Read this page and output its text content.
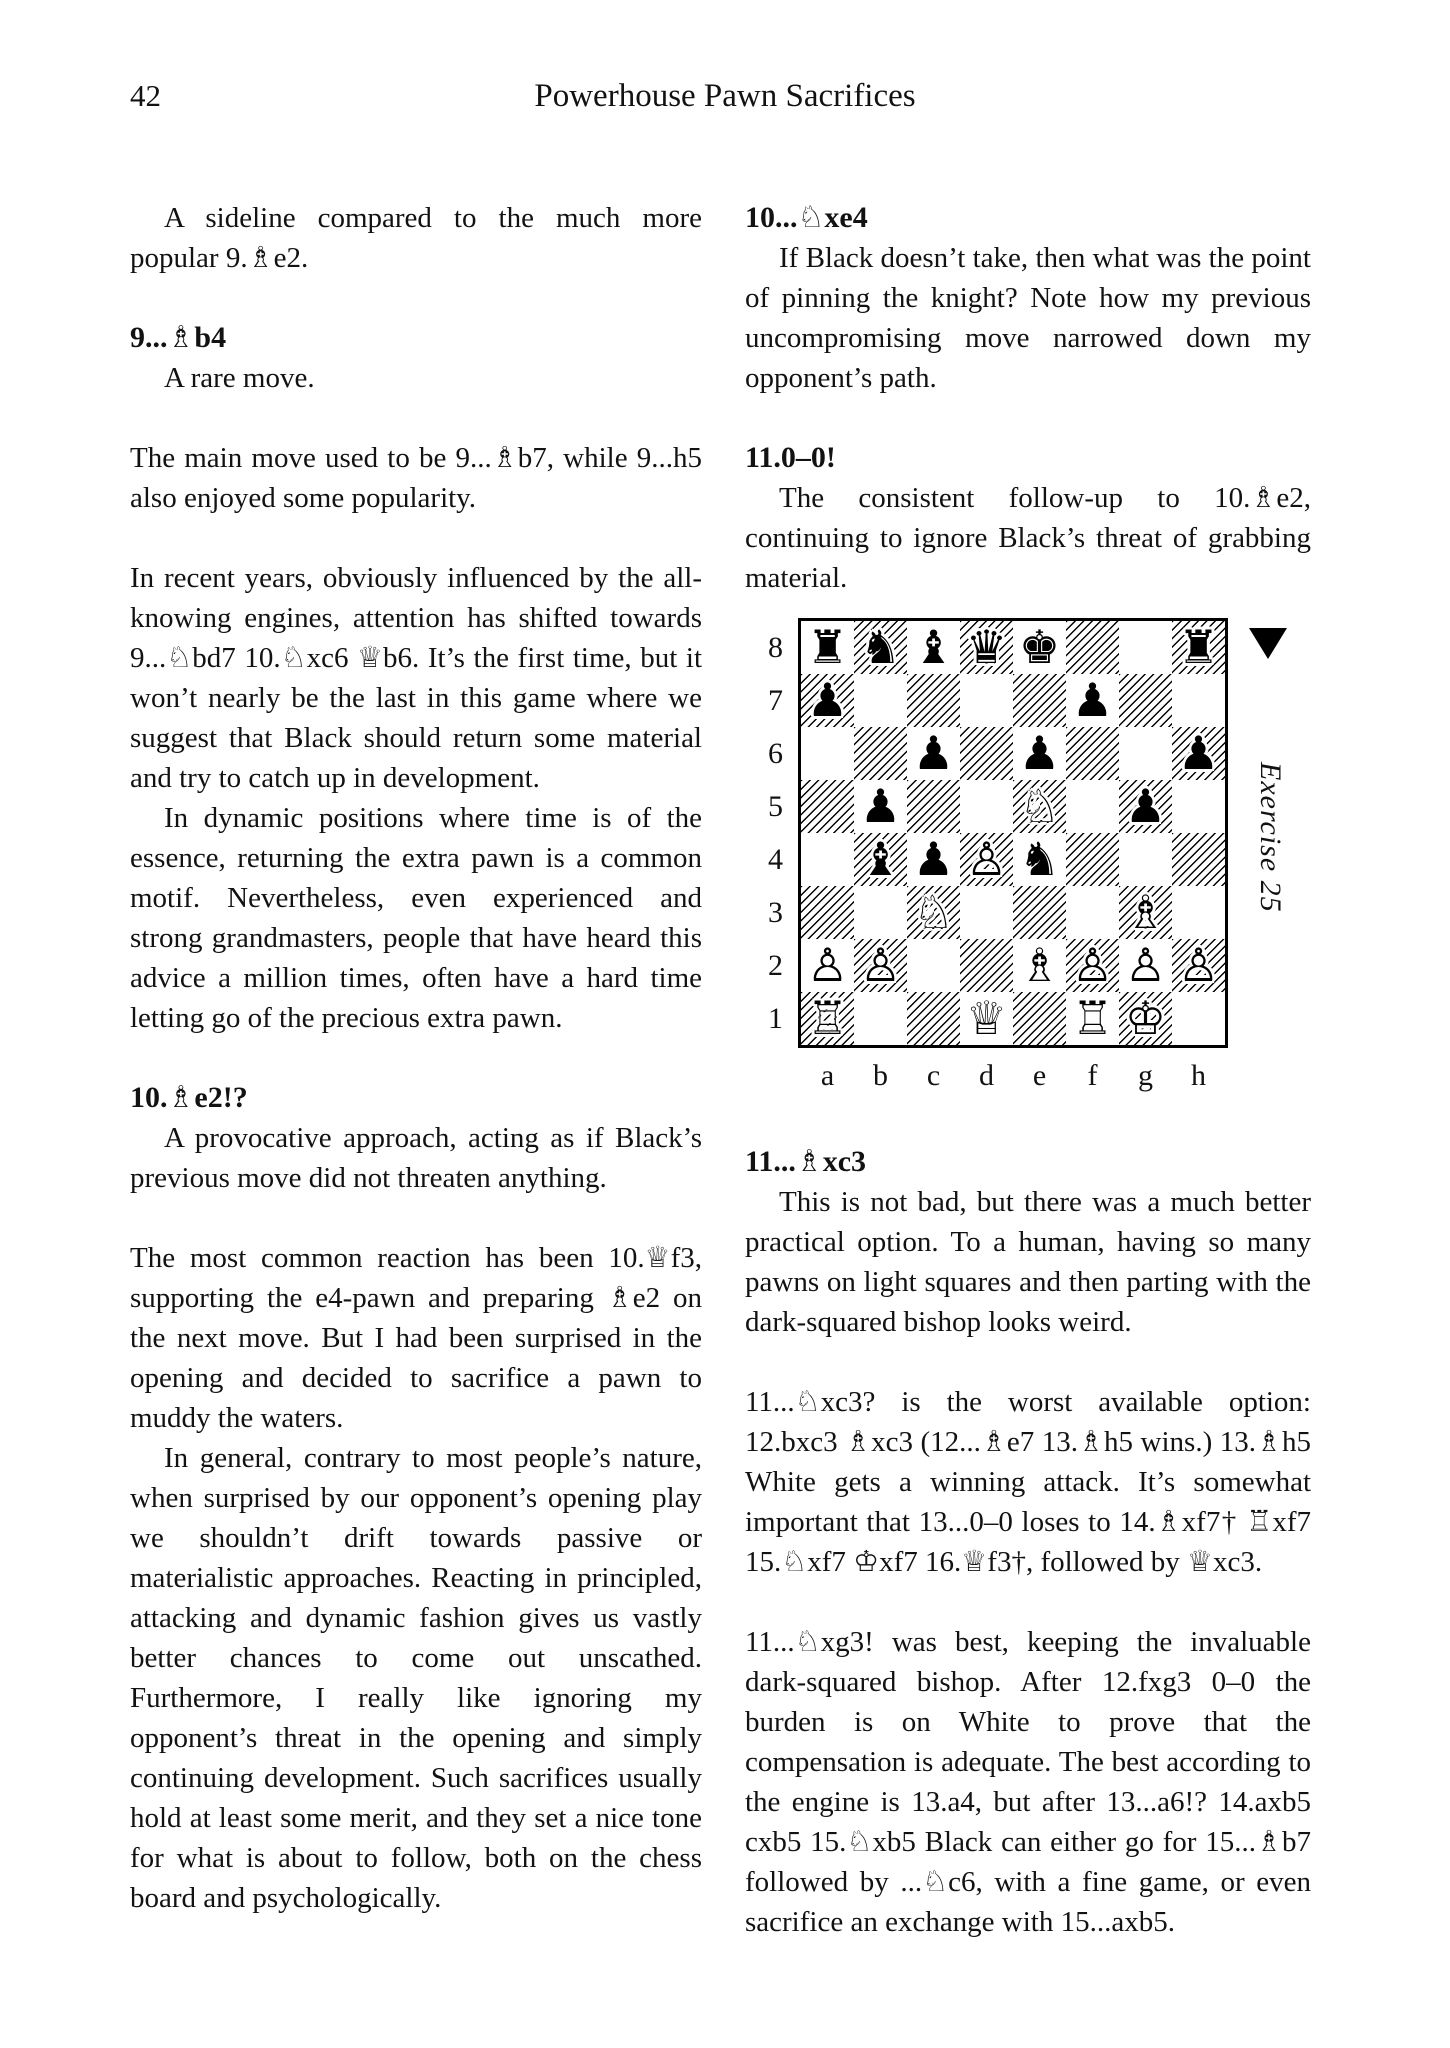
42	Powerhouse Pawn Sacrifices

A sideline compared to the much more popular 9.♗e2.

9...♗b4

A rare move.

The main move used to be 9...♗b7, while 9...h5 also enjoyed some popularity.

In recent years, obviously influenced by the all-knowing engines, attention has shifted towards 9...♘bd7 10.♘xc6 ♕b6. It’s the first time, but it won’t nearly be the last in this game where we suggest that Black should return some material and try to catch up in development.

In dynamic positions where time is of the essence, returning the extra pawn is a common motif. Nevertheless, even experienced and strong grandmasters, people that have heard this advice a million times, often have a hard time letting go of the precious extra pawn.

10.♗e2!?

A provocative approach, acting as if Black’s previous move did not threaten anything.

The most common reaction has been 10.♕f3, supporting the e4-pawn and preparing ♗e2 on the next move. But I had been surprised in the opening and decided to sacrifice a pawn to muddy the waters.

In general, contrary to most people’s nature, when surprised by our opponent’s opening play we shouldn’t drift towards passive or materialistic approaches. Reacting in principled, attacking and dynamic fashion gives us vastly better chances to come out unscathed. Furthermore, I really like ignoring my opponent’s threat in the opening and simply continuing development. Such sacrifices usually hold at least some merit, and they set a nice tone for what is about to follow, both on the chess board and psychologically.

10...♘xe4

If Black doesn’t take, then what was the point of pinning the knight? Note how my previous uncompromising move narrowed down my opponent’s path.

11.0–0!

The consistent follow-up to 10.♗e2, continuing to ignore Black’s threat of grabbing material.

8
7
6
5
4
3
2
1
♜ ♞ ♝ ♛ ♚	♜
♟	♟
♟ ♟	♟
♟	♘ ♟
♝ ♟ ♙ ♞
♘	♗
♙ ♙	♗ ♙ ♙ ♙
♖	♕ ♖ ♔
a b c d e f g h
Exercise 25

11...♗xc3

This is not bad, but there was a much better practical option. To a human, having so many pawns on light squares and then parting with the dark-squared bishop looks weird.

11...♘xc3? is the worst available option: 12.bxc3 ♗xc3 (12...♗e7 13.♗h5 wins.) 13.♗h5 White gets a winning attack. It’s somewhat important that 13...0–0 loses to 14.♗xf7† ♖xf7 15.♘xf7 ♔xf7 16.♕f3†, followed by ♕xc3.

11...♘xg3! was best, keeping the invaluable dark-squared bishop. After 12.fxg3 0–0 the burden is on White to prove that the compensation is adequate. The best according to the engine is 13.a4, but after 13...a6!? 14.axb5 cxb5 15.♘xb5 Black can either go for 15...♗b7 followed by ...♘c6, with a fine game, or even sacrifice an exchange with 15...axb5.
